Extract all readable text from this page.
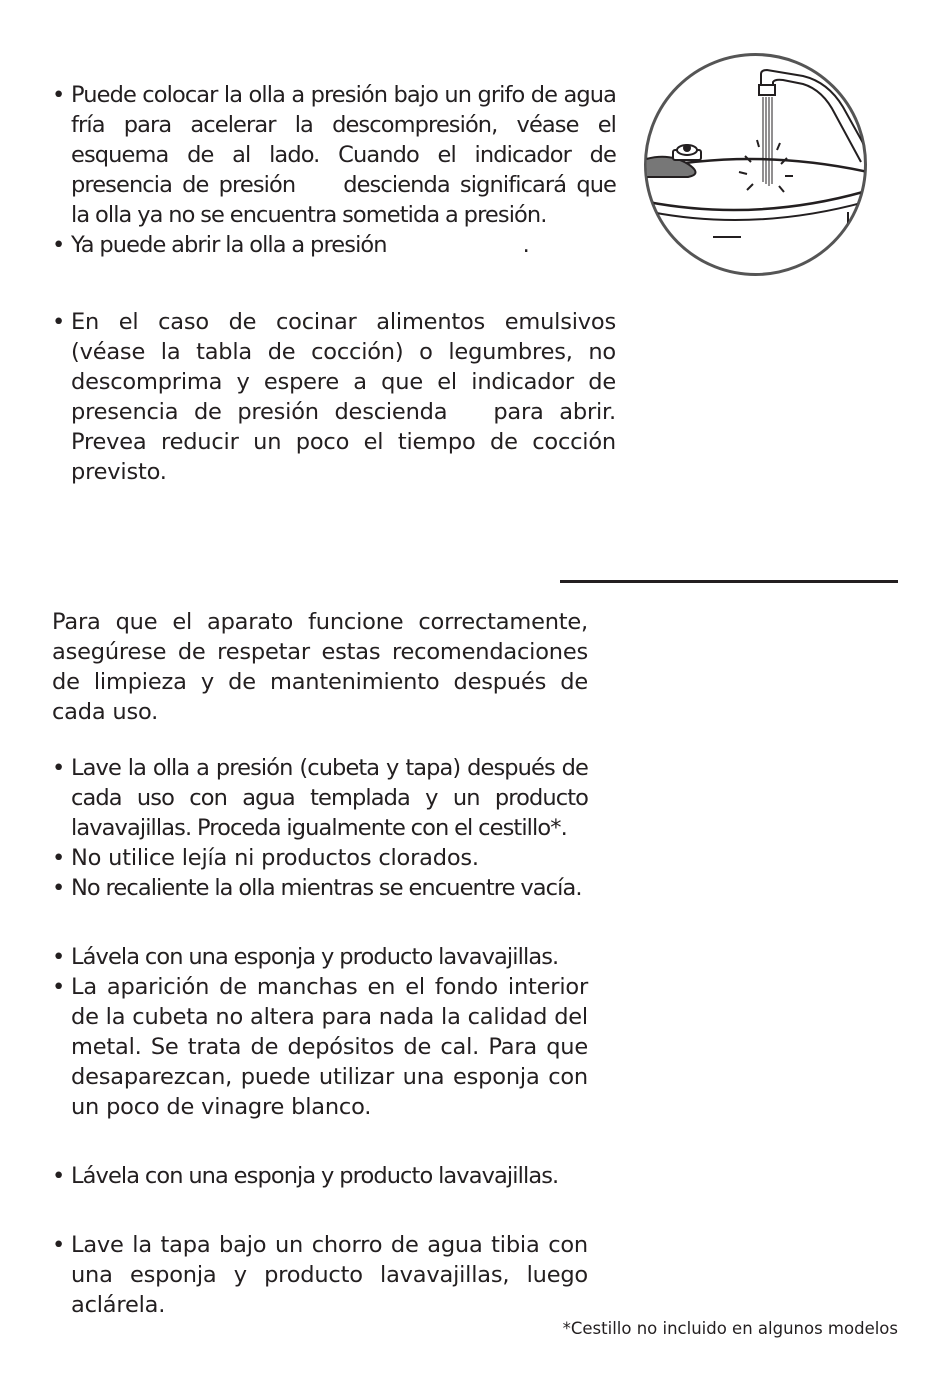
• Puede colocar la olla a presión bajo un grifo de agua fría para acelerar la descompresión, véase el esquema de al lado. Cuando el indicador de presencia de presión descienda significará que la olla ya no se encuentra sometida a presión.
• Ya puede abrir la olla a presión	.
• En el caso de cocinar alimentos emulsivos (véase la tabla de cocción) o legumbres, no descomprima y espere a que el indicador de presencia de presión descienda para abrir. Prevea reducir un poco el tiempo de cocción previsto.

Para que el aparato funcione correctamente, asegúrese de respetar estas recomendaciones de limpieza y de mantenimiento después de cada uso.

• Lave la olla a presión (cubeta y tapa) después de cada uso con agua templada y un producto lavavajillas. Proceda igualmente con el cestillo*.
• No utilice lejía ni productos clorados.
• No recaliente la olla mientras se encuentre vacía.
• Lávela con una esponja y producto lavavajillas.
• La aparición de manchas en el fondo interior de la cubeta no altera para nada la calidad del metal. Se trata de depósitos de cal. Para que desaparezcan, puede utilizar una esponja con un poco de vinagre blanco.
• Lávela con una esponja y producto lavavajillas.
• Lave la tapa bajo un chorro de agua tibia con una esponja y producto lavavajillas, luego aclárela.
*Cestillo no incluido en algunos modelos
